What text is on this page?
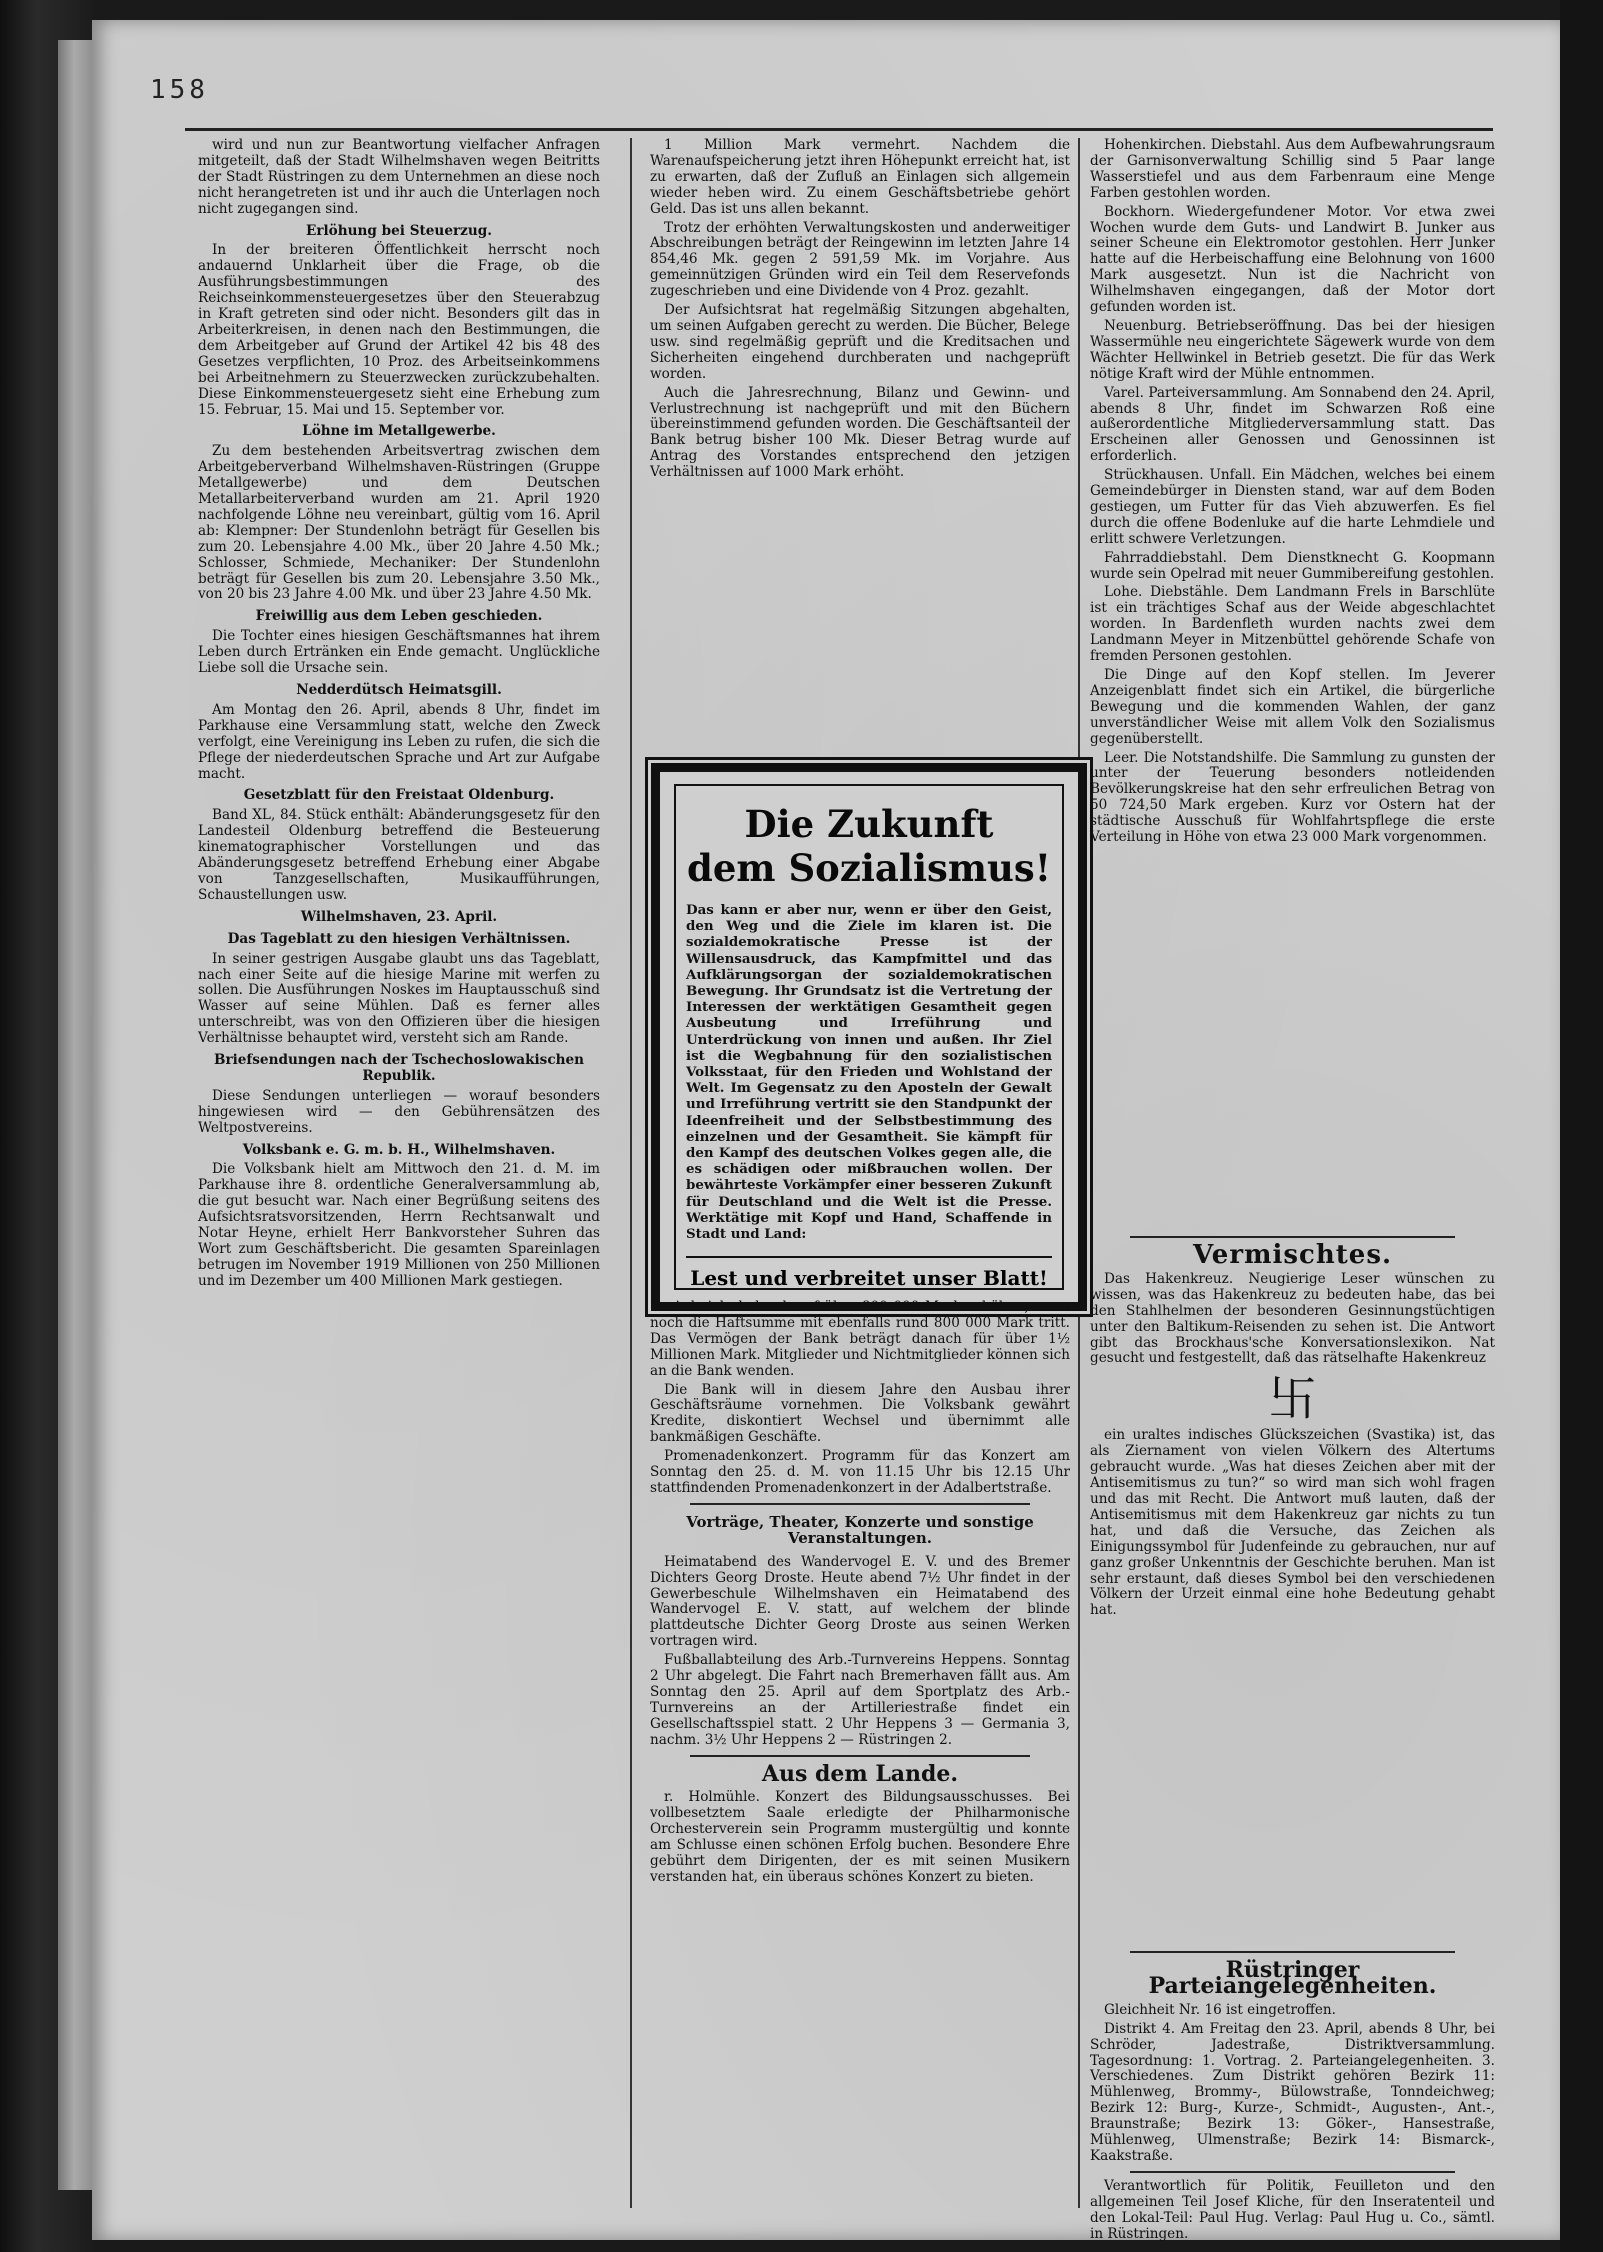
158

wird und nun zur Beantwortung vielfacher Anfragen mitgeteilt, daß der Stadt Wilhelmshaven wegen Beitritts der Stadt Rüstringen zu dem Unternehmen an diese noch nicht herangetreten ist und ihr auch die Unterlagen noch nicht zugegangen sind.

Erlöhung bei Steuerzug.

In der breiteren Öffentlichkeit herrscht noch andauernd Unklarheit über die Frage, ob die Ausführungsbestimmungen des Reichseinkommensteuergesetzes über den Steuerabzug in Kraft getreten sind oder nicht. Besonders gilt das in Arbeiterkreisen, in denen nach den Bestimmungen, die dem Arbeitgeber auf Grund der Artikel 42 bis 48 des Gesetzes verpflichten, 10 Proz. des Arbeitseinkommens bei Arbeitnehmern zu Steuerzwecken zurückzubehalten. Diese Einkommensteuergesetz sieht eine Erhebung zum 15. Februar, 15. Mai und 15. September vor.

Löhne im Metallgewerbe.

Zu dem bestehenden Arbeitsvertrag zwischen dem Arbeitgeberverband Wilhelmshaven-Rüstringen (Gruppe Metallgewerbe) und dem Deutschen Metallarbeiterverband wurden am 21. April 1920 nachfolgende Löhne neu vereinbart, gültig vom 16. April ab: Klempner: Der Stundenlohn beträgt für Gesellen bis zum 20. Lebensjahre 4.00 Mk., über 20 Jahre 4.50 Mk.; Schlosser, Schmiede, Mechaniker: Der Stundenlohn beträgt für Gesellen bis zum 20. Lebensjahre 3.50 Mk., von 20 bis 23 Jahre 4.00 Mk. und über 23 Jahre 4.50 Mk.

Freiwillig aus dem Leben geschieden.

Die Tochter eines hiesigen Geschäftsmannes hat ihrem Leben durch Ertränken ein Ende gemacht. Unglückliche Liebe soll die Ursache sein.

Nedderdütsch Heimatsgill.

Am Montag den 26. April, abends 8 Uhr, findet im Parkhause eine Versammlung statt, welche den Zweck verfolgt, eine Vereinigung ins Leben zu rufen, die sich die Pflege der niederdeutschen Sprache und Art zur Aufgabe macht.

Gesetzblatt für den Freistaat Oldenburg.

Band XL, 84. Stück enthält: Abänderungsgesetz für den Landesteil Oldenburg betreffend die Besteuerung kinematographischer Vorstellungen und das Abänderungsgesetz betreffend Erhebung einer Abgabe von Tanzgesellschaften, Musikaufführungen, Schaustellungen usw.

Wilhelmshaven, 23. April.
Das Tageblatt zu den hiesigen Verhältnissen.

In seiner gestrigen Ausgabe glaubt uns das Tageblatt, nach einer Seite auf die hiesige Marine mit werfen zu sollen. Die Ausführungen Noskes im Hauptausschuß sind Wasser auf seine Mühlen. Daß es ferner alles unterschreibt, was von den Offizieren über die hiesigen Verhältnisse behauptet wird, versteht sich am Rande.

Briefsendungen nach der Tschechoslowakischen Republik.

Diese Sendungen unterliegen — worauf besonders hingewiesen wird — den Gebührensätzen des Weltpostvereins.

Volksbank e. G. m. b. H., Wilhelmshaven.

Die Volksbank hielt am Mittwoch den 21. d. M. im Parkhause ihre 8. ordentliche Generalversammlung ab, die gut besucht war. Nach einer Begrüßung seitens des Aufsichtsratsvorsitzenden, Herrn Rechtsanwalt und Notar Heyne, erhielt Herr Bankvorsteher Suhren das Wort zum Geschäftsbericht. Die gesamten Spareinlagen betrugen im November 1919 Millionen von 250 Millionen und im Dezember um 400 Millionen Mark gestiegen.

1 Million Mark vermehrt. Nachdem die Warenaufspeicherung jetzt ihren Höhepunkt erreicht hat, ist zu erwarten, daß der Zufluß an Einlagen sich allgemein wieder heben wird. Zu einem Geschäftsbetriebe gehört Geld. Das ist uns allen bekannt.

Trotz der erhöhten Verwaltungskosten und anderweitiger Abschreibungen beträgt der Reingewinn im letzten Jahre 14 854,46 Mk. gegen 2 591,59 Mk. im Vorjahre. Aus gemeinnützigen Gründen wird ein Teil dem Reservefonds zugeschrieben und eine Dividende von 4 Proz. gezahlt.

Der Aufsichtsrat hat regelmäßig Sitzungen abgehalten, um seinen Aufgaben gerecht zu werden. Die Bücher, Belege usw. sind regelmäßig geprüft und die Kreditsachen und Sicherheiten eingehend durchberaten und nachgeprüft worden.

Auch die Jahresrechnung, Bilanz und Gewinn- und Verlustrechnung ist nachgeprüft und mit den Büchern übereinstimmend gefunden worden. Die Geschäftsanteil der Bank betrug bisher 100 Mk. Dieser Betrag wurde auf Antrag des Vorstandes entsprechend den jetzigen Verhältnissen auf 1000 Mark erhöht.

Die Zukunft
dem Sozialismus!
Das kann er aber nur, wenn er über den Geist, den Weg und die Ziele im klaren ist. Die sozialdemokratische Presse ist der Willensausdruck, das Kampfmittel und das Aufklärungsorgan der sozialdemokratischen Bewegung. Ihr Grundsatz ist die Vertretung der Interessen der werktätigen Gesamtheit gegen Ausbeutung und Irreführung und Unterdrückung von innen und außen. Ihr Ziel ist die Wegbahnung für den sozialistischen Volksstaat, für den Frieden und Wohlstand der Welt. Im Gegensatz zu den Aposteln der Gewalt und Irreführung vertritt sie den Standpunkt der Ideenfreiheit und der Selbstbestimmung des einzelnen und der Gesamtheit. Sie kämpft für den Kampf des deutschen Volkes gegen alle, die es schädigen oder mißbrauchen wollen. Der bewährteste Vorkämpfer einer besseren Zukunft für Deutschland und die Welt ist die Presse. Werktätige mit Kopf und Hand, Schaffende in Stadt und Land:
Lest und verbreitet unser Blatt!

wird sich dadurch auf über 800 000 Mark erhöhen, wozu noch die Haftsumme mit ebenfalls rund 800 000 Mark tritt. Das Vermögen der Bank beträgt danach für über 1½ Millionen Mark. Mitglieder und Nichtmitglieder können sich an die Bank wenden.

Die Bank will in diesem Jahre den Ausbau ihrer Geschäftsräume vornehmen. Die Volksbank gewährt Kredite, diskontiert Wechsel und übernimmt alle bankmäßigen Geschäfte.

Promenadenkonzert. Programm für das Konzert am Sonntag den 25. d. M. von 11.15 Uhr bis 12.15 Uhr stattfindenden Promenadenkonzert in der Adalbertstraße.

Vorträge, Theater, Konzerte und sonstige Veranstaltungen.

Heimatabend des Wandervogel E. V. und des Bremer Dichters Georg Droste. Heute abend 7½ Uhr findet in der Gewerbeschule Wilhelmshaven ein Heimatabend des Wandervogel E. V. statt, auf welchem der blinde plattdeutsche Dichter Georg Droste aus seinen Werken vortragen wird.

Fußballabteilung des Arb.-Turnvereins Heppens. Sonntag 2 Uhr abgelegt. Die Fahrt nach Bremerhaven fällt aus. Am Sonntag den 25. April auf dem Sportplatz des Arb.-Turnvereins an der Artilleriestraße findet ein Gesellschaftsspiel statt. 2 Uhr Heppens 3 — Germania 3, nachm. 3½ Uhr Heppens 2 — Rüstringen 2.

Aus dem Lande.

r. Holmühle. Konzert des Bildungsausschusses. Bei vollbesetztem Saale erledigte der Philharmonische Orchesterverein sein Programm mustergültig und konnte am Schlusse einen schönen Erfolg buchen. Besondere Ehre gebührt dem Dirigenten, der es mit seinen Musikern verstanden hat, ein überaus schönes Konzert zu bieten.

Hohenkirchen. Diebstahl. Aus dem Aufbewahrungsraum der Garnisonverwaltung Schillig sind 5 Paar lange Wasserstiefel und aus dem Farbenraum eine Menge Farben gestohlen worden.

Bockhorn. Wiedergefundener Motor. Vor etwa zwei Wochen wurde dem Guts- und Landwirt B. Junker aus seiner Scheune ein Elektromotor gestohlen. Herr Junker hatte auf die Herbeischaffung eine Belohnung von 1600 Mark ausgesetzt. Nun ist die Nachricht von Wilhelmshaven eingegangen, daß der Motor dort gefunden worden ist.

Neuenburg. Betriebseröffnung. Das bei der hiesigen Wassermühle neu eingerichtete Sägewerk wurde von dem Wächter Hellwinkel in Betrieb gesetzt. Die für das Werk nötige Kraft wird der Mühle entnommen.

Varel. Parteiversammlung. Am Sonnabend den 24. April, abends 8 Uhr, findet im Schwarzen Roß eine außerordentliche Mitgliederversammlung statt. Das Erscheinen aller Genossen und Genossinnen ist erforderlich.

Strückhausen. Unfall. Ein Mädchen, welches bei einem Gemeindebürger in Diensten stand, war auf dem Boden gestiegen, um Futter für das Vieh abzuwerfen. Es fiel durch die offene Bodenluke auf die harte Lehmdiele und erlitt schwere Verletzungen.

Fahrraddiebstahl. Dem Dienstknecht G. Koopmann wurde sein Opelrad mit neuer Gummibereifung gestohlen.

Lohe. Diebstähle. Dem Landmann Frels in Barschlüte ist ein trächtiges Schaf aus der Weide abgeschlachtet worden. In Bardenfleth wurden nachts zwei dem Landmann Meyer in Mitzenbüttel gehörende Schafe von fremden Personen gestohlen.

Die Dinge auf den Kopf stellen. Im Jeverer Anzeigenblatt findet sich ein Artikel, die bürgerliche Bewegung und die kommenden Wahlen, der ganz unverständlicher Weise mit allem Volk den Sozialismus gegenüberstellt.

Leer. Die Notstandshilfe. Die Sammlung zu gunsten der unter der Teuerung besonders notleidenden Bevölkerungskreise hat den sehr erfreulichen Betrag von 50 724,50 Mark ergeben. Kurz vor Ostern hat der städtische Ausschuß für Wohlfahrtspflege die erste Verteilung in Höhe von etwa 23 000 Mark vorgenommen.

Vermischtes.

Das Hakenkreuz. Neugierige Leser wünschen zu wissen, was das Hakenkreuz zu bedeuten habe, das bei den Stahlhelmen der besonderen Gesinnungstüchtigen unter den Baltikum-Reisenden zu sehen ist. Die Antwort gibt das Brockhaus'sche Konversationslexikon. Nat gesucht und festgestellt, daß das rätselhafte Hakenkreuz

卐

ein uraltes indisches Glückszeichen (Svastika) ist, das als Ziernament von vielen Völkern des Altertums gebraucht wurde. „Was hat dieses Zeichen aber mit der Antisemitismus zu tun?“ so wird man sich wohl fragen und das mit Recht. Die Antwort muß lauten, daß der Antisemitismus mit dem Hakenkreuz gar nichts zu tun hat, und daß die Versuche, das Zeichen als Einigungssymbol für Judenfeinde zu gebrauchen, nur auf ganz großer Unkenntnis der Geschichte beruhen. Man ist sehr erstaunt, daß dieses Symbol bei den verschiedenen Völkern der Urzeit einmal eine hohe Bedeutung gehabt hat.

Rüstringer Parteiangelegenheiten.

Gleichheit Nr. 16 ist eingetroffen.

Distrikt 4. Am Freitag den 23. April, abends 8 Uhr, bei Schröder, Jadestraße, Distriktversammlung. Tagesordnung: 1. Vortrag. 2. Parteiangelegenheiten. 3. Verschiedenes. Zum Distrikt gehören Bezirk 11: Mühlenweg, Brommy-, Bülowstraße, Tonndeichweg; Bezirk 12: Burg-, Kurze-, Schmidt-, Augusten-, Ant.-, Braunstraße; Bezirk 13: Göker-, Hansestraße, Mühlenweg, Ulmenstraße; Bezirk 14: Bismarck-, Kaakstraße.

Verantwortlich für Politik, Feuilleton und den allgemeinen Teil Josef Kliche, für den Inseratenteil und den Lokal-Teil: Paul Hug. Verlag: Paul Hug u. Co., sämtl. in Rüstringen.
